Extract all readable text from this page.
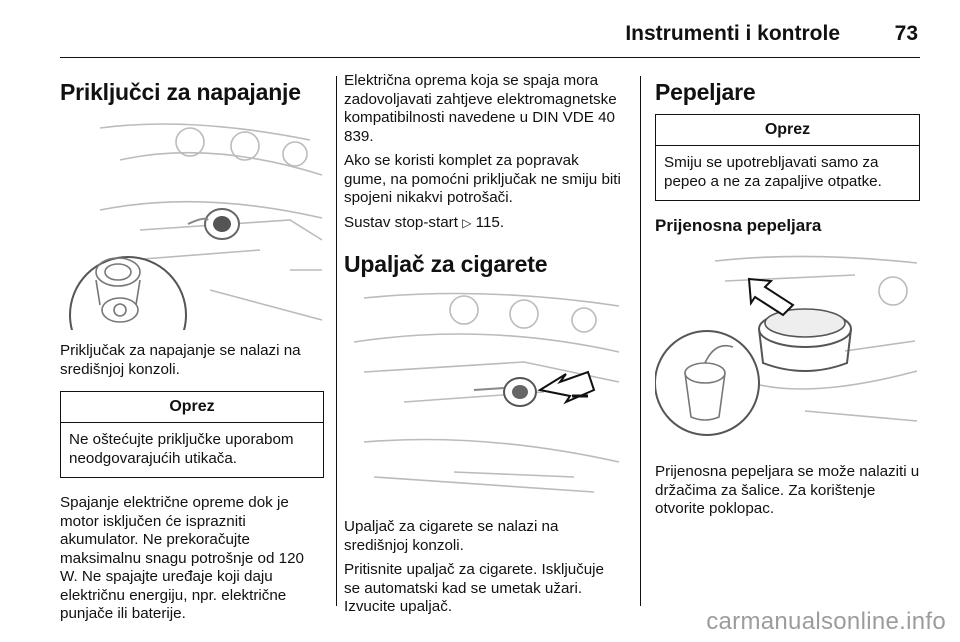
Instrumenti i kontrole	73
Priključci za napajanje

Priključak za napajanje se nalazi na središnjoj konzoli.

Oprez
Ne oštećujte priključke uporabom neodgovarajućih utikača.

Spajanje električne opreme dok je motor isključen će isprazniti akumulator. Ne prekoračujte maksimalnu snagu potrošnje od 120 W. Ne spajajte uređaje koji daju električnu energiju, npr. električne punjače ili baterije.

Električna oprema koja se spaja mora zadovoljavati zahtjeve elektromagnetske kompatibilnosti navedene u DIN VDE 40 839.

Ako se koristi komplet za popravak gume, na pomoćni priključak ne smiju biti spojeni nikakvi potrošači.

Sustav stop-start ▷ 115.

Upaljač za cigarete

Upaljač za cigarete se nalazi na središnjoj konzoli.

Pritisnite upaljač za cigarete. Isključuje se automatski kad se umetak užari. Izvucite upaljač.

Pepeljare
Oprez
Smiju se upotrebljavati samo za pepeo a ne za zapaljive otpatke.
Prijenosna pepeljara

Prijenosna pepeljara se može nalaziti u držačima za šalice. Za korištenje otvorite poklopac.

carmanualsonline.info
